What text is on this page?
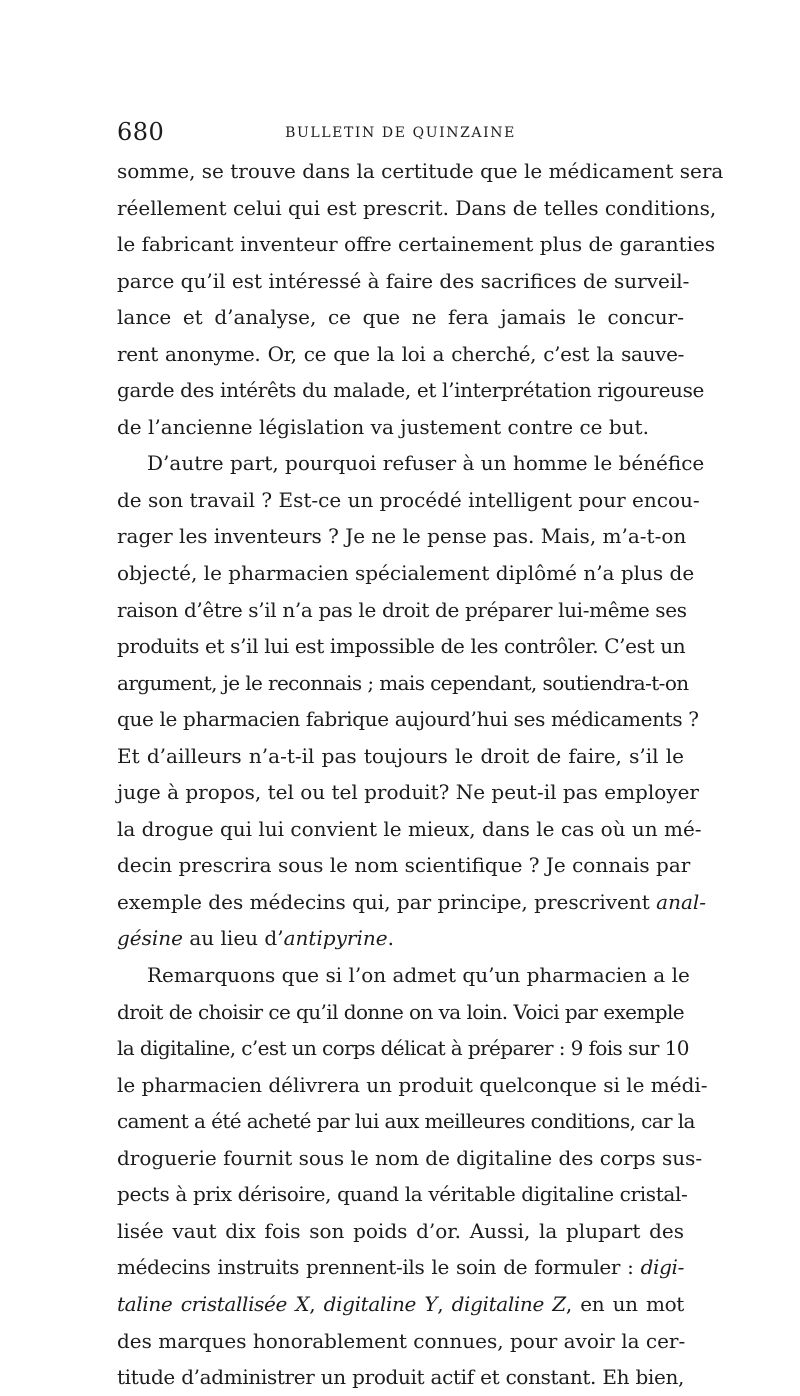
680	BULLETIN DE QUINZAINE
somme, se trouve dans la certitude que le médicament sera
réellement celui qui est prescrit. Dans de telles conditions,
le fabricant inventeur offre certainement plus de garanties
parce qu’il est intéressé à faire des sacrifices de surveil-
lance et d’analyse, ce que ne fera jamais le concur-
rent anonyme. Or, ce que la loi a cherché, c’est la sauve-
garde des intérêts du malade, et l’interprétation rigoureuse
de l’ancienne législation va justement contre ce but.
D’autre part, pourquoi refuser à un homme le bénéfice
de son travail ? Est-ce un procédé intelligent pour encou-
rager les inventeurs ? Je ne le pense pas. Mais, m’a-t-on
objecté, le pharmacien spécialement diplômé n’a plus de
raison d’être s’il n’a pas le droit de préparer lui-même ses
produits et s’il lui est impossible de les contrôler. C’est un
argument, je le reconnais ; mais cependant, soutiendra-t-on
que le pharmacien fabrique aujourd’hui ses médicaments ?
Et d’ailleurs n’a-t-il pas toujours le droit de faire, s’il le
juge à propos, tel ou tel produit? Ne peut-il pas employer
la drogue qui lui convient le mieux, dans le cas où un mé-
decin prescrira sous le nom scientifique ? Je connais par
exemple des médecins qui, par principe, prescrivent anal-
gésine au lieu d’antipyrine.
Remarquons que si l’on admet qu’un pharmacien a le
droit de choisir ce qu’il donne on va loin. Voici par exemple
la digitaline, c’est un corps délicat à préparer : 9 fois sur 10
le pharmacien délivrera un produit quelconque si le médi-
cament a été acheté par lui aux meilleures conditions, car la
droguerie fournit sous le nom de digitaline des corps sus-
pects à prix dérisoire, quand la véritable digitaline cristal-
lisée vaut dix fois son poids d’or. Aussi, la plupart des
médecins instruits prennent-ils le soin de formuler : digi-
taline cristallisée X, digitaline Y, digitaline Z, en un mot
des marques honorablement connues, pour avoir la cer-
titude d’administrer un produit actif et constant. Eh bien,
